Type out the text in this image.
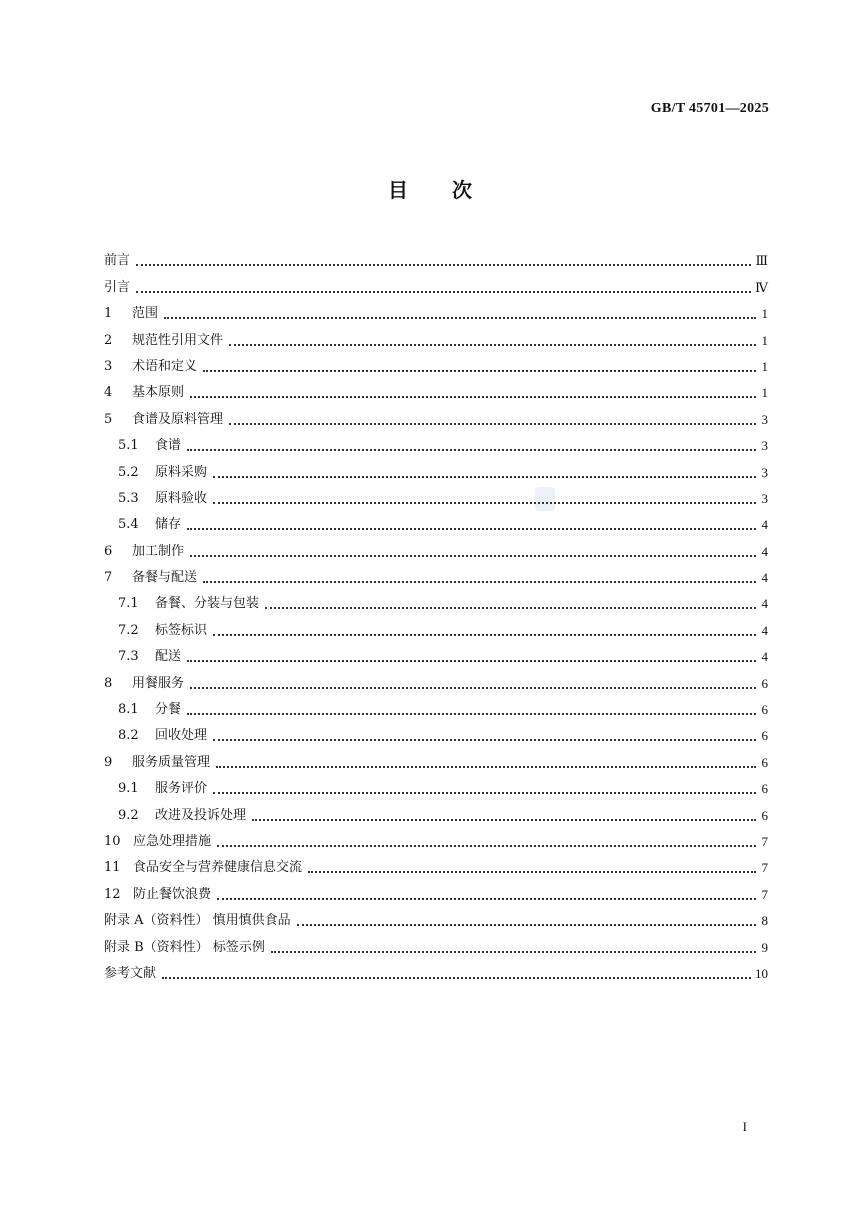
GB/T 45701—2025
目 次
前言	Ⅲ
引言	Ⅳ
1	范围	1
2	规范性引用文件	1
3	术语和定义	1
4	基本原则	1
5	食谱及原料管理	3
5.1	食谱	3
5.2	原料采购	3
5.3	原料验收	3
5.4	储存	4
6	加工制作	4
7	备餐与配送	4
7.1	备餐、分装与包装	4
7.2	标签标识	4
7.3	配送	4
8	用餐服务	6
8.1	分餐	6
8.2	回收处理	6
9	服务质量管理	6
9.1	服务评价	6
9.2	改进及投诉处理	6
10 应急处理措施	7
11 食品安全与营养健康信息交流	7
12 防止餐饮浪费	7
附录 A（资料性） 慎用慎供食品	8
附录 B（资料性） 标签示例	9
参考文献	10
I
